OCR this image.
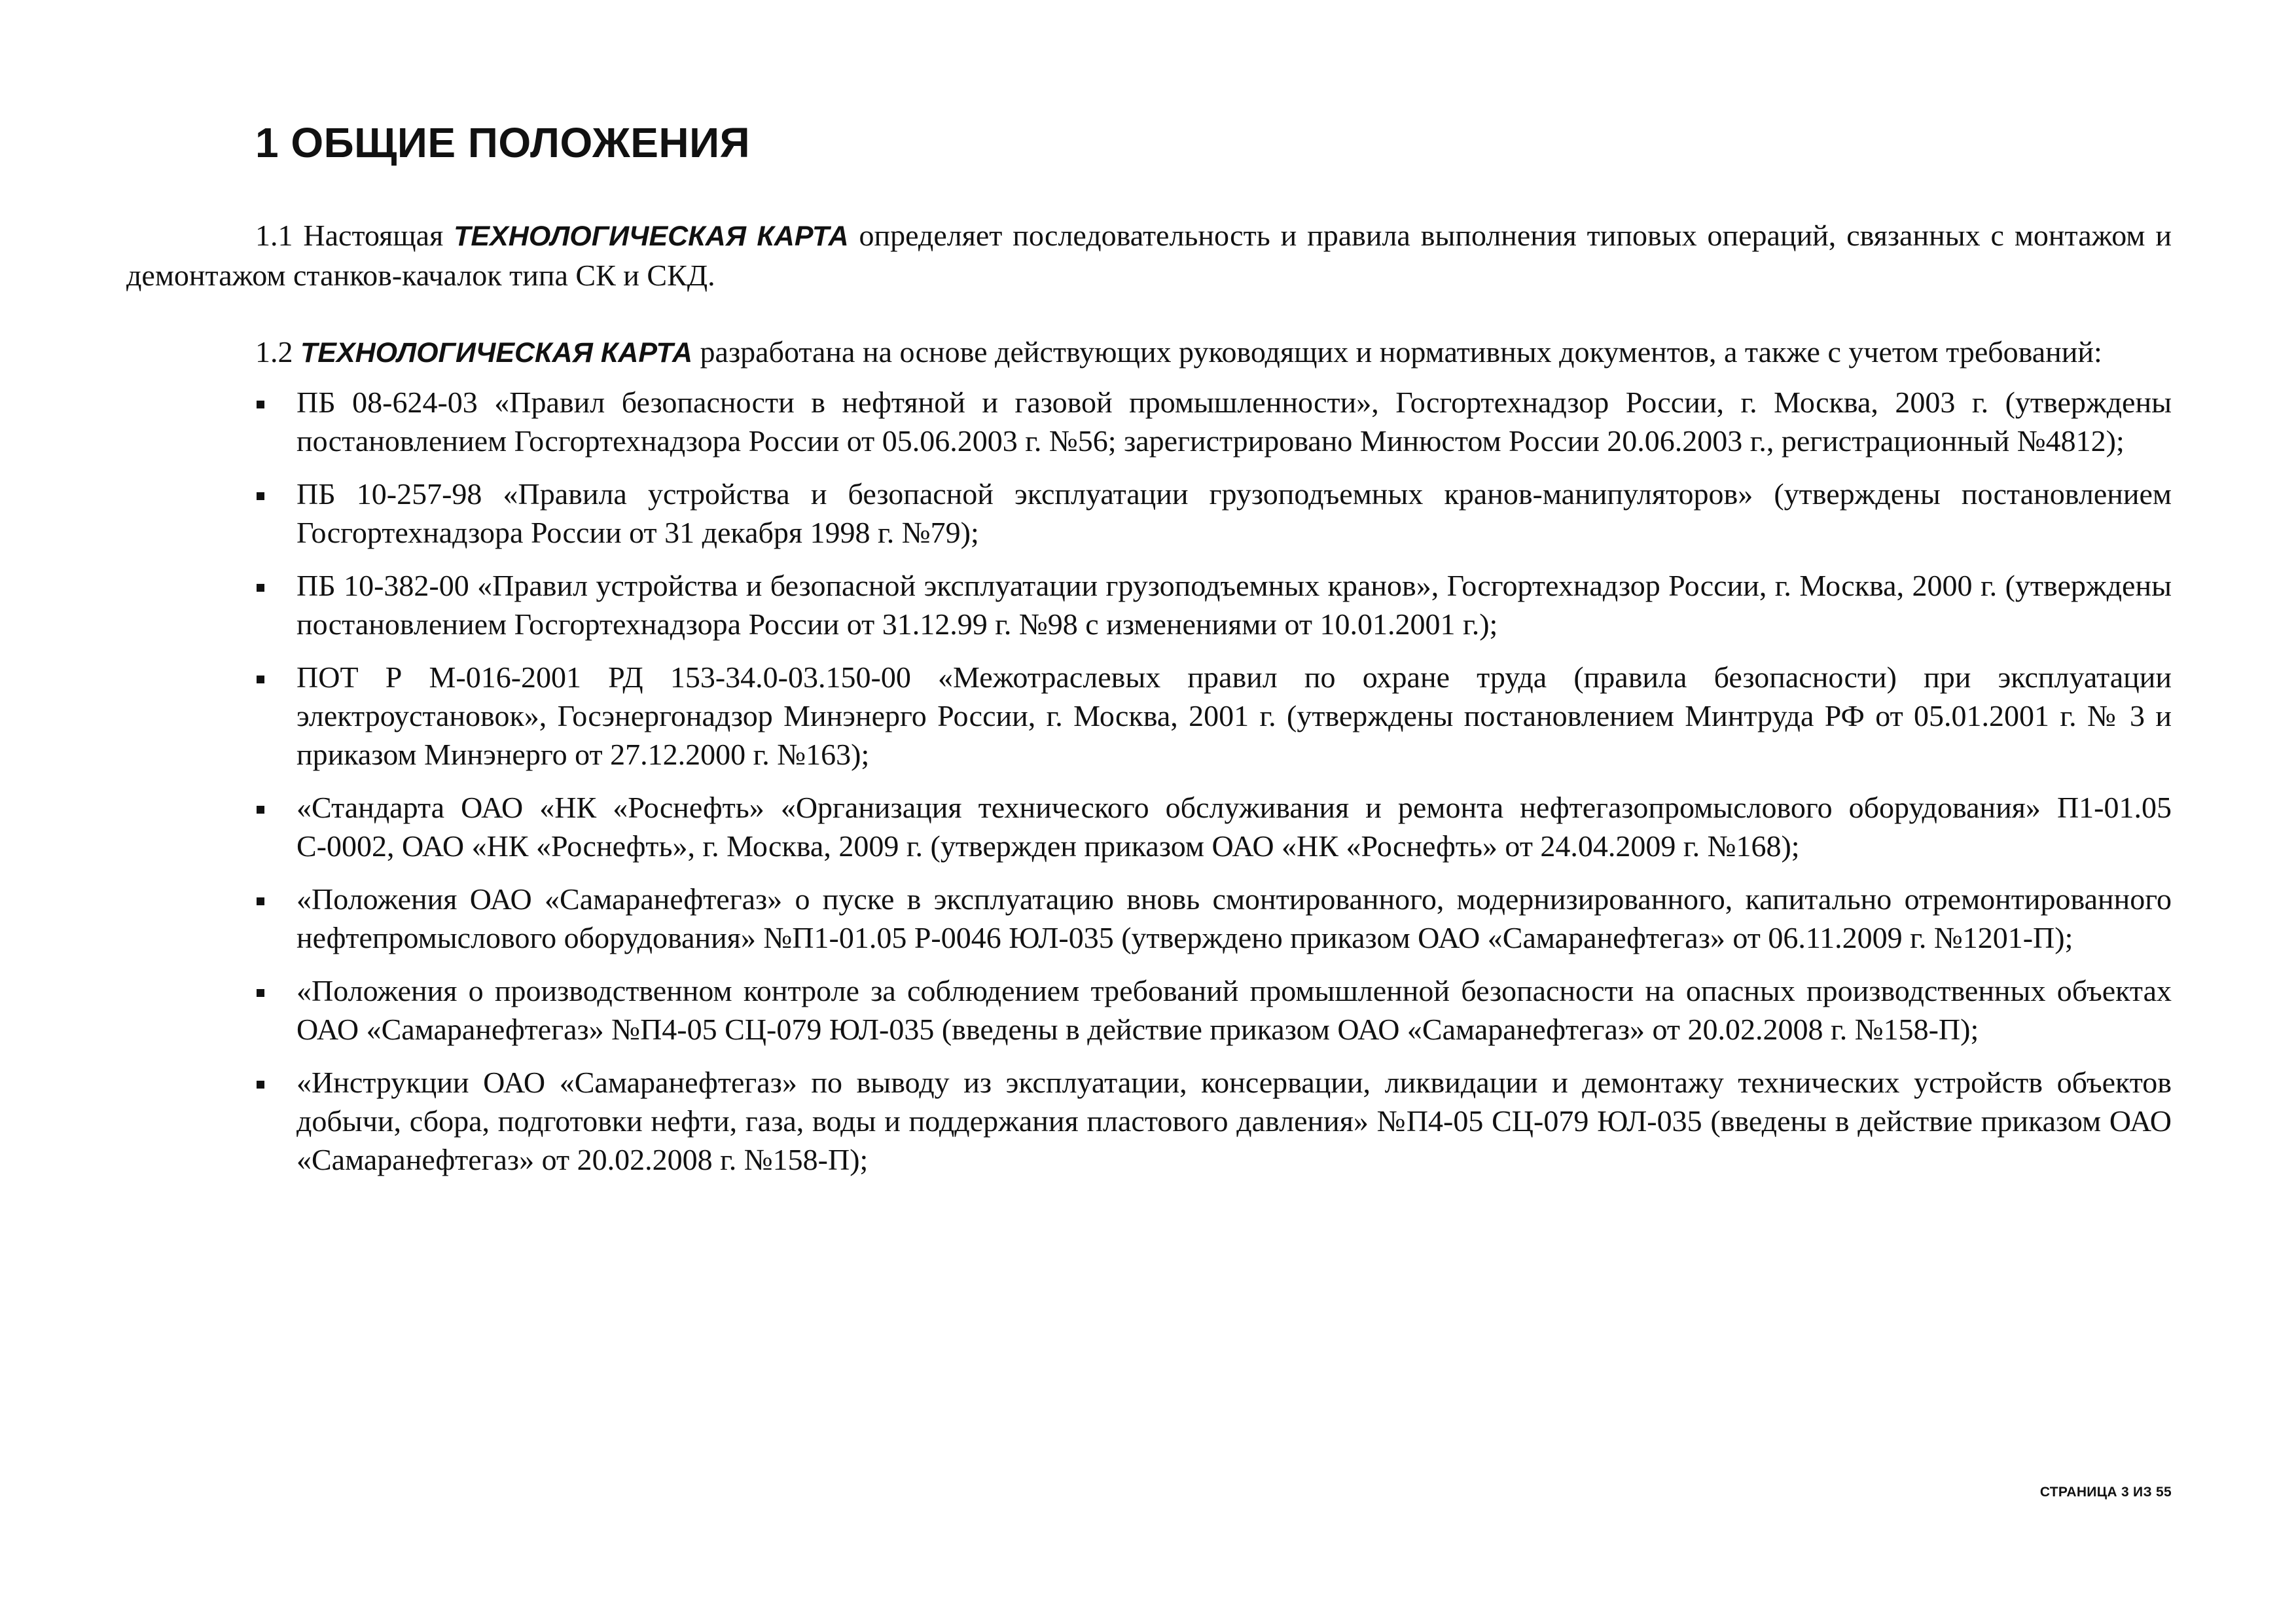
1 ОБЩИЕ ПОЛОЖЕНИЯ

1.1 Настоящая ТЕХНОЛОГИЧЕСКАЯ КАРТА определяет последовательность и правила выполнения типовых операций, связанных с монтажом и демонтажом станков-качалок типа СК и СКД.

1.2 ТЕХНОЛОГИЧЕСКАЯ КАРТА разработана на основе действующих руководящих и нормативных документов, а также с учетом требований:

ПБ 08-624-03 «Правил безопасности в нефтяной и газовой промышленности», Госгортехнадзор России, г. Москва, 2003 г. (утверждены постановлением Госгортехнадзора России от 05.06.2003 г. №56; зарегистрировано Минюстом России 20.06.2003 г., регистрационный №4812);
ПБ 10-257-98 «Правила устройства и безопасной эксплуатации грузоподъемных кранов-манипуляторов» (утверждены постановлением Госгортехнадзора России от 31 декабря 1998 г. №79);
ПБ 10-382-00 «Правил устройства и безопасной эксплуатации грузоподъемных кранов», Госгортехнадзор России, г. Москва, 2000 г. (утверждены постановлением Госгортехнадзора России от 31.12.99 г. №98 с изменениями от 10.01.2001 г.);
ПОТ Р М-016-2001 РД 153-34.0-03.150-00 «Межотраслевых правил по охране труда (правила безопасности) при эксплуатации электроустановок», Госэнергонадзор Минэнерго России, г. Москва, 2001 г. (утверждены постановлением Минтруда РФ от 05.01.2001 г. № 3 и приказом Минэнерго от 27.12.2000 г. №163);
«Стандарта ОАО «НК «Роснефть» «Организация технического обслуживания и ремонта нефтегазопромыслового оборудования» П1-01.05 С-0002, ОАО «НК «Роснефть», г. Москва, 2009 г. (утвержден приказом ОАО «НК «Роснефть» от 24.04.2009 г. №168);
«Положения ОАО «Самаранефтегаз» о пуске в эксплуатацию вновь смонтированного, модернизированного, капитально отремонтированного нефтепромыслового оборудования» №П1-01.05 Р-0046 ЮЛ-035 (утверждено приказом ОАО «Самаранефтегаз» от 06.11.2009 г. №1201-П);
«Положения о производственном контроле за соблюдением требований промышленной безопасности на опасных производственных объектах ОАО «Самаранефтегаз» №П4-05 СЦ-079 ЮЛ-035 (введены в действие приказом ОАО «Самаранефтегаз» от 20.02.2008 г. №158-П);
«Инструкции ОАО «Самаранефтегаз» по выводу из эксплуатации, консервации, ликвидации и демонтажу технических устройств объектов добычи, сбора, подготовки нефти, газа, воды и поддержания пластового давления» №П4-05 СЦ-079 ЮЛ-035 (введены в действие приказом ОАО «Самаранефтегаз» от 20.02.2008 г. №158-П);
СТРАНИЦА 3 ИЗ 55
